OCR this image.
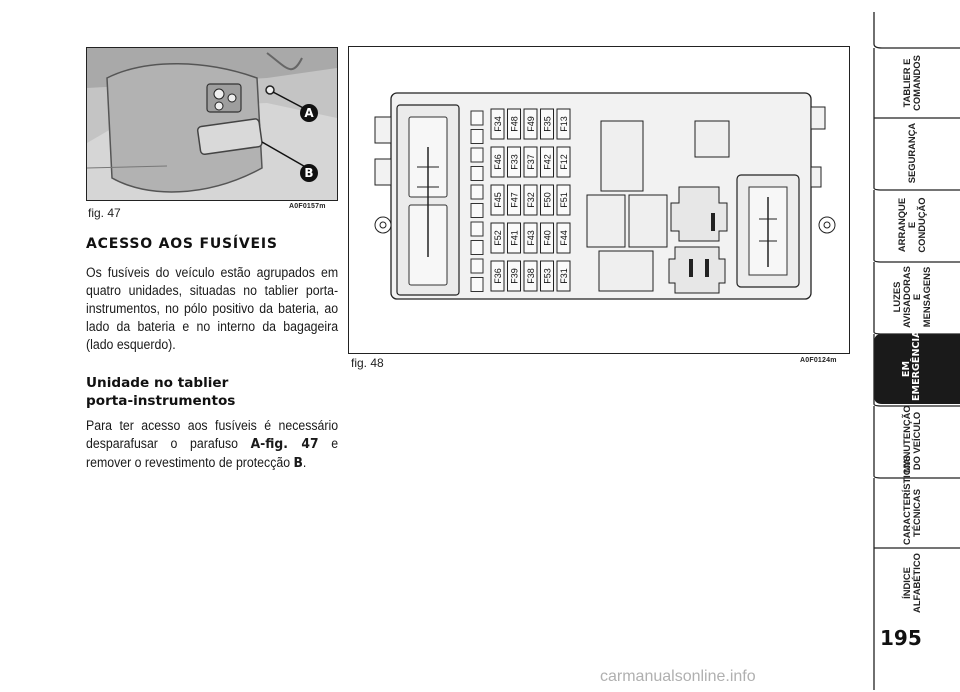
A
B
fig. 47	A0F0157m
ACESSO AOS FUSÍVEIS
Os fusíveis do veículo estão agrupados em quatro unidades, situadas no tablier porta-instrumentos, no pólo positivo da bateria, ao lado da bateria e no interno da bagageira (lado esquerdo).
Unidade no tablier
porta-instrumentos
Para ter acesso aos fusíveis é necessário desparafusar o parafuso A-fig. 47 e remover o revestimento de protecção B.
F34
F46
F45
F52
F36
F48
F33
F47
F41
F39
F49
F37
F32
F43
F38
F35
F42
F50
F40
F53
F13
F12
F51
F44
F31
fig. 48	A0F0124m
TABLIER E COMANDOS
SEGURANÇA
ARRANQUE E CONDUÇÃO
LUZES AVISADORAS E MENSAGENS
EM EMERGÊNCIA
MANUTENÇÃO DO VEÍCULO
CARACTERÍSTICAS TÉCNICAS
ÍNDICE ALFABÉTICO
195
carmanualsonline.info
